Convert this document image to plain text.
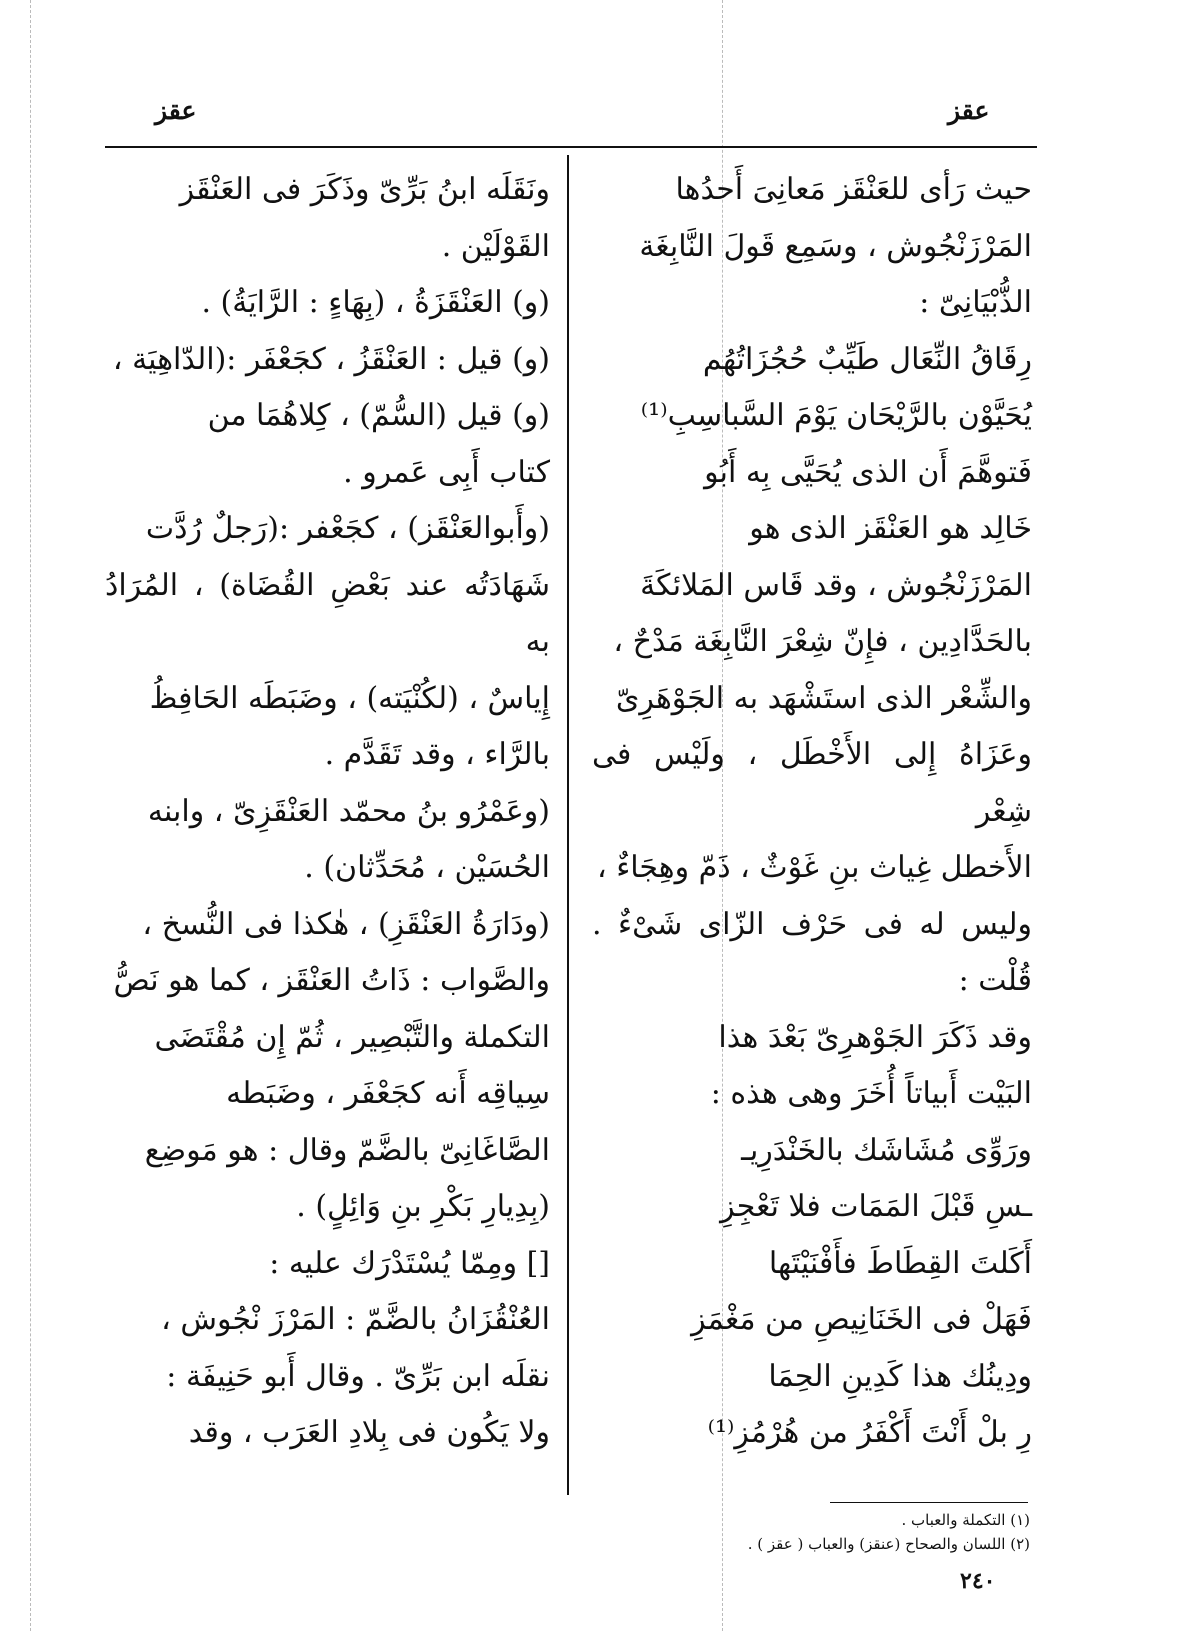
عقز
عقز

حيث رَأى للعَنْقَز مَعانِىَ أَحدُها
المَرْزَنْجُوش ، وسَمِع قَولَ النَّابِغَة
الذُّبْيَانِىّ :

رِقَاقُ النِّعَال طَيِّبٌ حُجُزَاتُهُم
يُحَيَّوْن بالرَّيْحَان يَوْمَ السَّباسِبِ⁽¹⁾

فَتوهَّمَ أَن الذى يُحَيَّى بِه أَبُو
خَالِد هو العَنْقَز الذى هو
المَرْزَنْجُوش ، وقد قَاس المَلائكَةَ
بالحَدَّادِين ، فإِنّ شِعْرَ النَّابِغَة مَدْحٌ ،
والشِّعْر الذى استَشْهَد به الجَوْهَرِىّ
وعَزَاهُ إِلى الأَخْطَل ، ولَيْس فى شِعْر
الأَخطل غِياث بنِ غَوْثٌ ، ذَمّ وهِجَاءٌ ،
وليس له فى حَرْف الزّاى شَىْءٌ . قُلْت :
وقد ذَكَرَ الجَوْهرِىّ بَعْدَ هذا
البَيْت أَبياتاً أُخَرَ وهى هذه :

ورَوِّى مُشَاشَك بالخَنْدَرِيـ
ـسِ قَبْلَ المَمَات فلا تَعْجِزِ
أَكَلتَ القِطَاطَ فأَفْنَيْتَها
فَهَلْ فى الخَنَانِيصِ من مَغْمَزِ
ودِينُك هذا كَدِينِ الحِمَا
رِ بلْ أَنْتَ أَكْفَرُ من هُرْمُزِ⁽¹⁾

ونَقَلَه ابنُ بَرِّىّ وذَكَرَ فى العَنْقَز
القَوْلَيْن .

(و) العَنْقَزَةُ ، (بِهَاءٍ : الرَّايَةُ) .

(و) قيل : العَنْقَزُ ، كجَعْفَر :(الدّاهِيَة ،

(و) قيل (السُّمّ) ، كِلاهُمَا من
كتاب أَبِى عَمرو .

(وأَبوالعَنْقَز) ، كجَعْفر :(رَجلٌ رُدَّت
شَهَادَتُه عند بَعْضِ القُضَاة) ، المُرَادُ به
إِياسٌ ، (لكُنْيَته) ، وضَبَطَه الحَافِظُ
بالرَّاء ، وقد تَقَدَّم .

(وعَمْرُو بنُ محمّد العَنْقَزِىّ ، وابنه
الحُسَيْن ، مُحَدِّثان) .

(ودَارَةُ العَنْقَزِ) ، هٰكذا فى النُّسخ ،
والصَّواب : ذَاتُ العَنْقَز ، كما هو نَصُّ
التكملة والتَّبْصِير ، ثُمّ إِن مُقْتَضَى
سِياقِه أَنه كجَعْفَر ، وضَبَطه
الصَّاغَانِىّ بالضَّمّ وقال : هو مَوضِع
(بِدِيارِ بَكْرِ بنِ وَائِلٍ) .

[] ومِمّا يُسْتَدْرَك عليه :

العُنْقُزَانُ بالضَّمّ : المَرْزَ نْجُوش ،
نقلَه ابن بَرِّىّ . وقال أَبو حَنِيفَة :
ولا يَكُون فى بِلادِ العَرَب ، وقد

(١) التكملة والعباب .

(٢) اللسان والصحاح (عنقز) والعباب ( عقز ) .

٢٤٠
